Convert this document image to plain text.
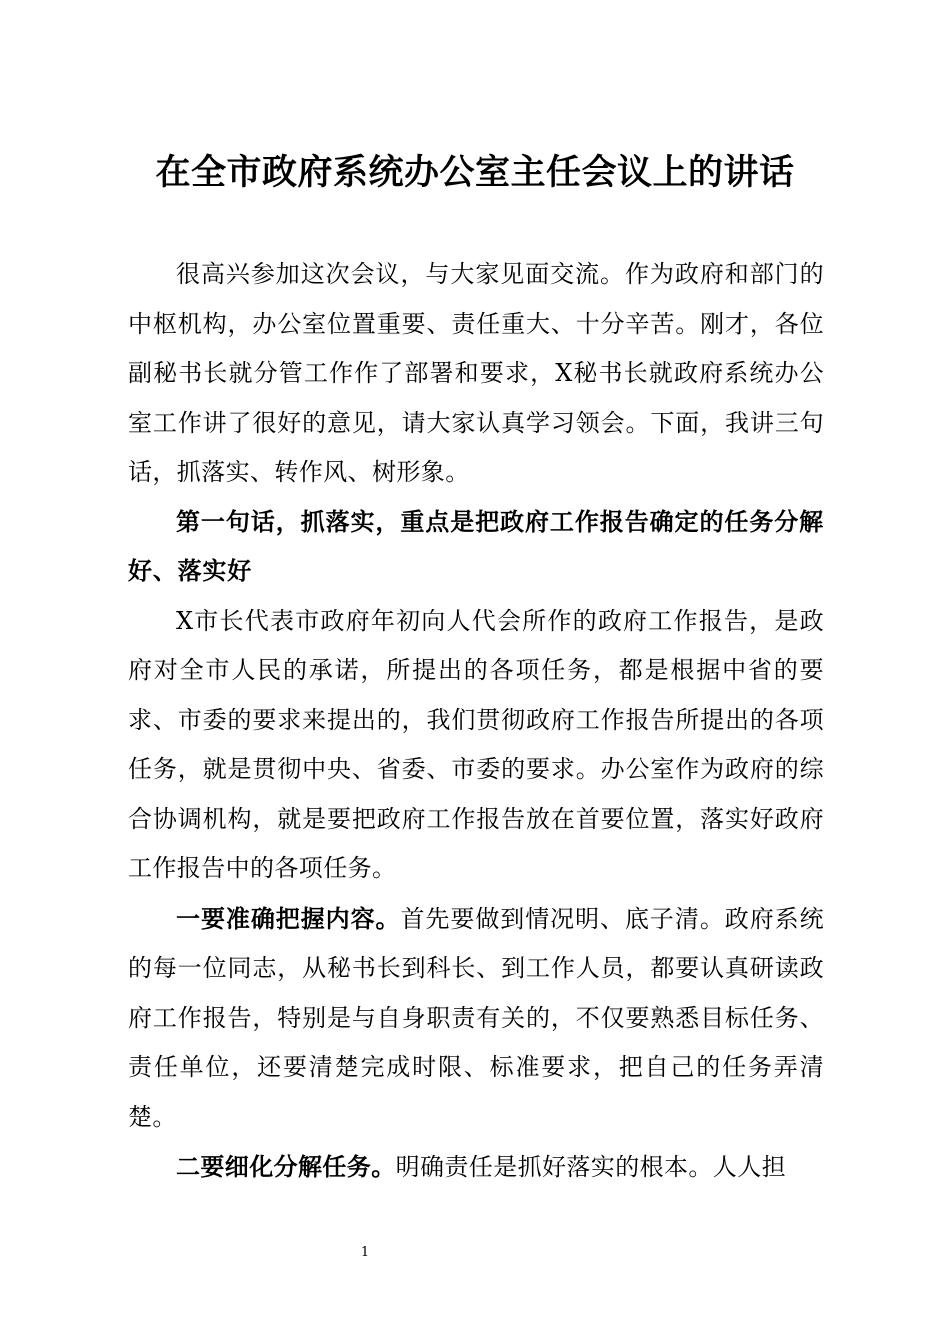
在全市政府系统办公室主任会议上的讲话

很高兴参加这次会议，与大家见面交流。作为政府和部门的中枢机构，办公室位置重要、责任重大、十分辛苦。刚才，各位副秘书长就分管工作作了部署和要求，X秘书长就政府系统办公室工作讲了很好的意见，请大家认真学习领会。下面，我讲三句话，抓落实、转作风、树形象。

第一句话，抓落实，重点是把政府工作报告确定的任务分解好、落实好

X市长代表市政府年初向人代会所作的政府工作报告，是政府对全市人民的承诺，所提出的各项任务，都是根据中省的要求、市委的要求来提出的，我们贯彻政府工作报告所提出的各项任务，就是贯彻中央、省委、市委的要求。办公室作为政府的综合协调机构，就是要把政府工作报告放在首要位置，落实好政府工作报告中的各项任务。

一要准确把握内容。首先要做到情况明、底子清。政府系统的每一位同志，从秘书长到科长、到工作人员，都要认真研读政府工作报告，特别是与自身职责有关的，不仅要熟悉目标任务、责任单位，还要清楚完成时限、标准要求，把自己的任务弄清楚。

二要细化分解任务。明确责任是抓好落实的根本。人人担

1
